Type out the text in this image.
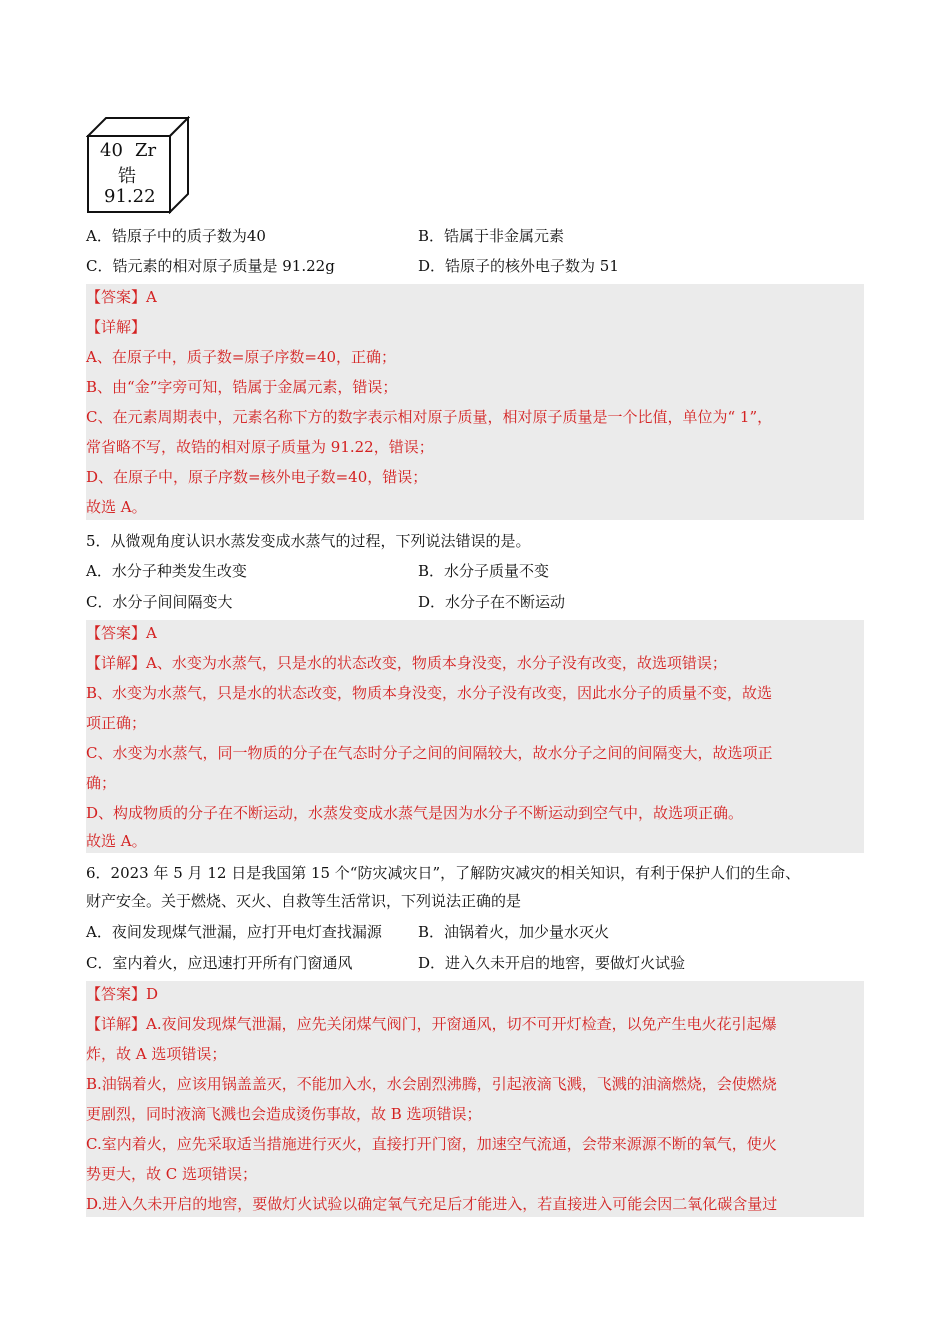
40 Zr
锆
91.22
A．锆原子中的质子数为40	B．锆属于非金属元素
C．锆元素的相对原子质量是 91.22g	D．锆原子的核外电子数为 51
【答案】A
【详解】
A、在原子中，质子数=原子序数=40，正确；
B、由“金”字旁可知，锆属于金属元素，错误；
C、在元素周期表中，元素名称下方的数字表示相对原子质量，相对原子质量是一个比值，单位为“ 1”，
常省略不写，故锆的相对原子质量为 91.22，错误；
D、在原子中，原子序数=核外电子数=40，错误；
故选 A。
5．从微观角度认识水蒸发变成水蒸气的过程，下列说法错误的是。
A．水分子种类发生改变	B．水分子质量不变
C．水分子间间隔变大	D．水分子在不断运动
【答案】A
【详解】A、水变为水蒸气，只是水的状态改变，物质本身没变，水分子没有改变，故选项错误；
B、水变为水蒸气，只是水的状态改变，物质本身没变，水分子没有改变，因此水分子的质量不变，故选
项正确；
C、水变为水蒸气，同一物质的分子在气态时分子之间的间隔较大，故水分子之间的间隔变大，故选项正
确；
D、构成物质的分子在不断运动，水蒸发变成水蒸气是因为水分子不断运动到空气中，故选项正确。
故选 A。
6．2023 年 5 月 12 日是我国第 15 个“防灾减灾日”，了解防灾减灾的相关知识，有利于保护人们的生命、
财产安全。关于燃烧、灭火、自救等生活常识，下列说法正确的是
A．夜间发现煤气泄漏，应打开电灯查找漏源 B．油锅着火，加少量水灭火
C．室内着火，应迅速打开所有门窗通风	D．进入久未开启的地窖，要做灯火试验
【答案】D
【详解】A.夜间发现煤气泄漏，应先关闭煤气阀门，开窗通风，切不可开灯检查，以免产生电火花引起爆
炸，故 A 选项错误；
B.油锅着火，应该用锅盖盖灭，不能加入水，水会剧烈沸腾，引起液滴飞溅，飞溅的油滴燃烧，会使燃烧
更剧烈，同时液滴飞溅也会造成烫伤事故，故 B 选项错误；
C.室内着火，应先采取适当措施进行灭火，直接打开门窗，加速空气流通，会带来源源不断的氧气，使火
势更大，故 C 选项错误；
D.进入久未开启的地窖，要做灯火试验以确定氧气充足后才能进入，若直接进入可能会因二氧化碳含量过
